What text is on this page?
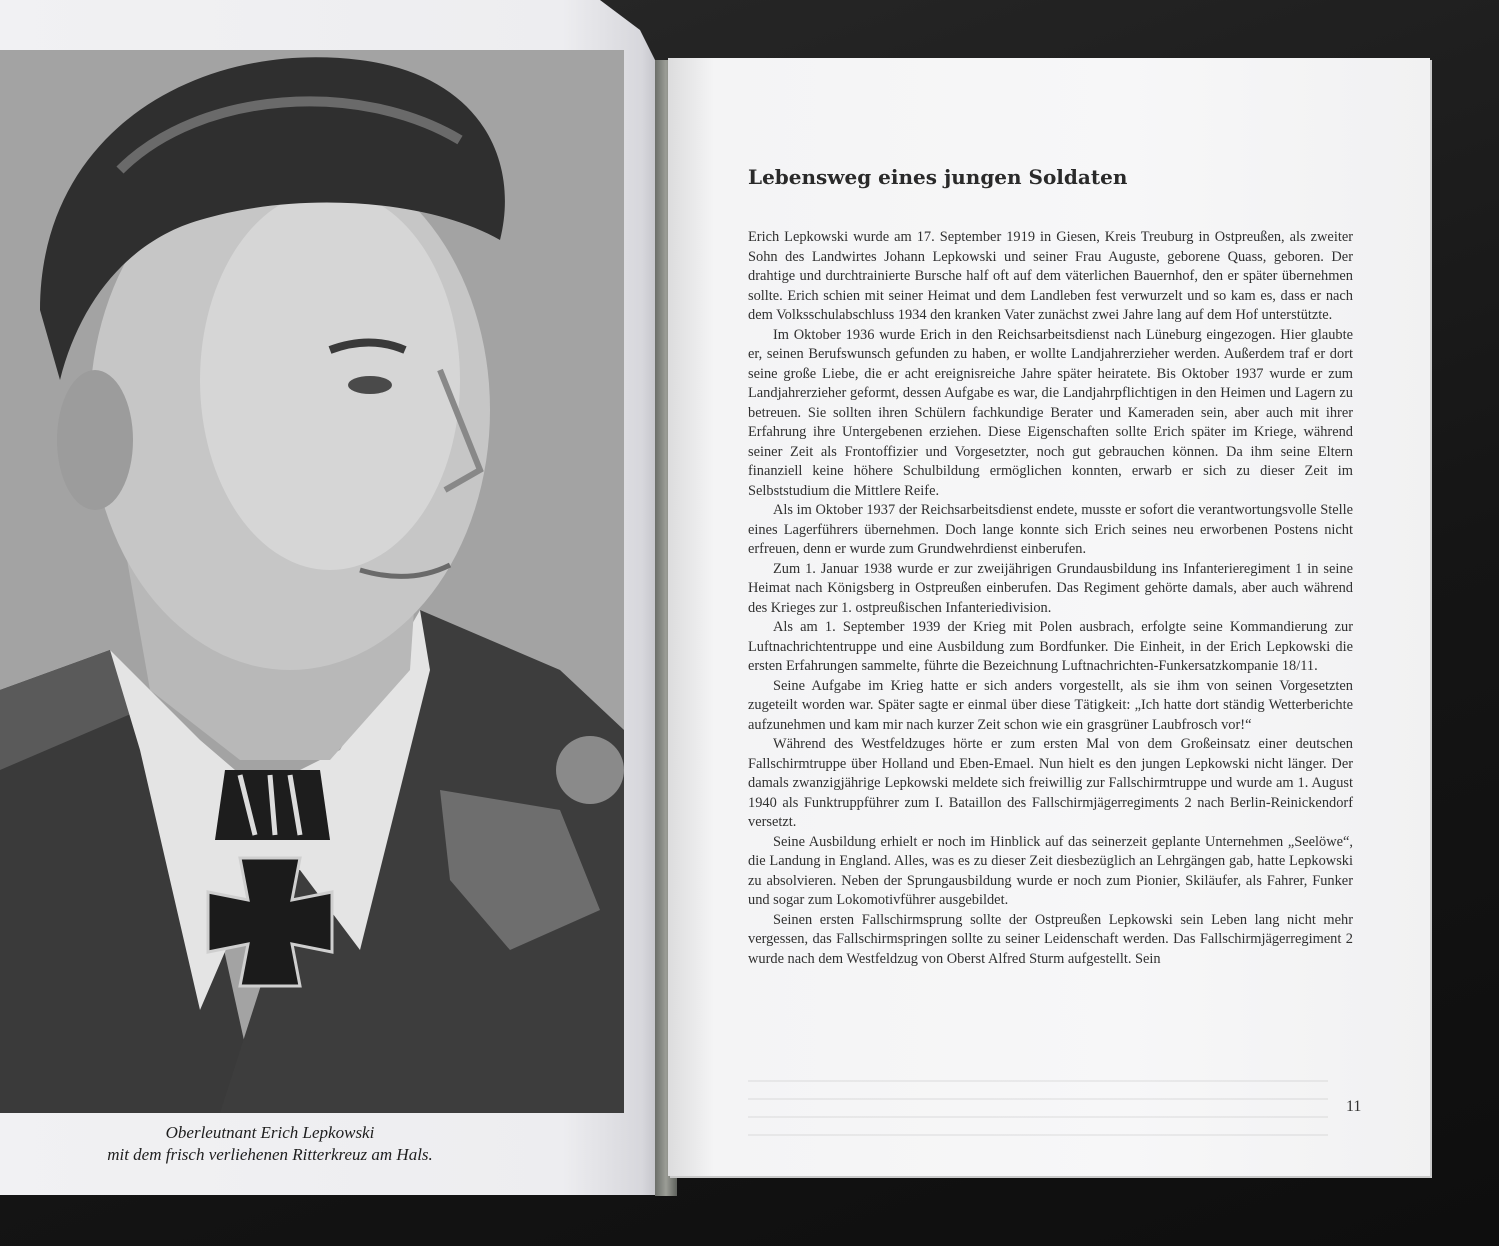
Oberleutnant Erich Lepkowski
mit dem frisch verliehenen Ritterkreuz am Hals.
Lebensweg eines jungen Soldaten

Erich Lepkowski wurde am 17. September 1919 in Giesen, Kreis Treuburg in Ostpreußen, als zweiter Sohn des Landwirtes Johann Lepkowski und seiner Frau Auguste, geborene Quass, geboren. Der drahtige und durchtrainierte Bursche half oft auf dem väterlichen Bauernhof, den er später übernehmen sollte. Erich schien mit seiner Heimat und dem Landleben fest verwurzelt und so kam es, dass er nach dem Volksschulabschluss 1934 den kranken Vater zunächst zwei Jahre lang auf dem Hof unterstützte.

Im Oktober 1936 wurde Erich in den Reichsarbeitsdienst nach Lüneburg eingezogen. Hier glaubte er, seinen Berufswunsch gefunden zu haben, er wollte Landjahrerzieher werden. Außerdem traf er dort seine große Liebe, die er acht ereignisreiche Jahre später heiratete. Bis Oktober 1937 wurde er zum Landjahrerzieher geformt, dessen Aufgabe es war, die Landjahrpflichtigen in den Heimen und Lagern zu betreuen. Sie sollten ihren Schülern fachkundige Berater und Kameraden sein, aber auch mit ihrer Erfahrung ihre Untergebenen erziehen. Diese Eigenschaften sollte Erich später im Kriege, während seiner Zeit als Frontoffizier und Vorgesetzter, noch gut gebrauchen können. Da ihm seine Eltern finanziell keine höhere Schulbildung ermöglichen konnten, erwarb er sich zu dieser Zeit im Selbststudium die Mittlere Reife.

Als im Oktober 1937 der Reichsarbeitsdienst endete, musste er sofort die verantwortungsvolle Stelle eines Lagerführers übernehmen. Doch lange konnte sich Erich seines neu erworbenen Postens nicht erfreuen, denn er wurde zum Grundwehrdienst einberufen.

Zum 1. Januar 1938 wurde er zur zweijährigen Grundausbildung ins Infanterieregiment 1 in seine Heimat nach Königsberg in Ostpreußen einberufen. Das Regiment gehörte damals, aber auch während des Krieges zur 1. ostpreußischen Infanteriedivision.

Als am 1. September 1939 der Krieg mit Polen ausbrach, erfolgte seine Kommandierung zur Luftnachrichtentruppe und eine Ausbildung zum Bordfunker. Die Einheit, in der Erich Lepkowski die ersten Erfahrungen sammelte, führte die Bezeichnung Luftnachrichten-Funkersatzkompanie 18/11.

Seine Aufgabe im Krieg hatte er sich anders vorgestellt, als sie ihm von seinen Vorgesetzten zugeteilt worden war. Später sagte er einmal über diese Tätigkeit: „Ich hatte dort ständig Wetterberichte aufzunehmen und kam mir nach kurzer Zeit schon wie ein grasgrüner Laubfrosch vor!“

Während des Westfeldzuges hörte er zum ersten Mal von dem Großeinsatz einer deutschen Fallschirmtruppe über Holland und Eben-Emael. Nun hielt es den jungen Lepkowski nicht länger. Der damals zwanzigjährige Lepkowski meldete sich freiwillig zur Fallschirmtruppe und wurde am 1. August 1940 als Funktruppführer zum I. Bataillon des Fallschirmjägerregiments 2 nach Berlin-Reinickendorf versetzt.

Seine Ausbildung erhielt er noch im Hinblick auf das seinerzeit geplante Unternehmen „Seelöwe“, die Landung in England. Alles, was es zu dieser Zeit diesbezüglich an Lehrgängen gab, hatte Lepkowski zu absolvieren. Neben der Sprungausbildung wurde er noch zum Pionier, Skiläufer, als Fahrer, Funker und sogar zum Lokomotivführer ausgebildet.

Seinen ersten Fallschirmsprung sollte der Ostpreußen Lepkowski sein Leben lang nicht mehr vergessen, das Fallschirmspringen sollte zu seiner Leidenschaft werden. Das Fallschirmjägerregiment 2 wurde nach dem Westfeldzug von Oberst Alfred Sturm aufgestellt. Sein

11
